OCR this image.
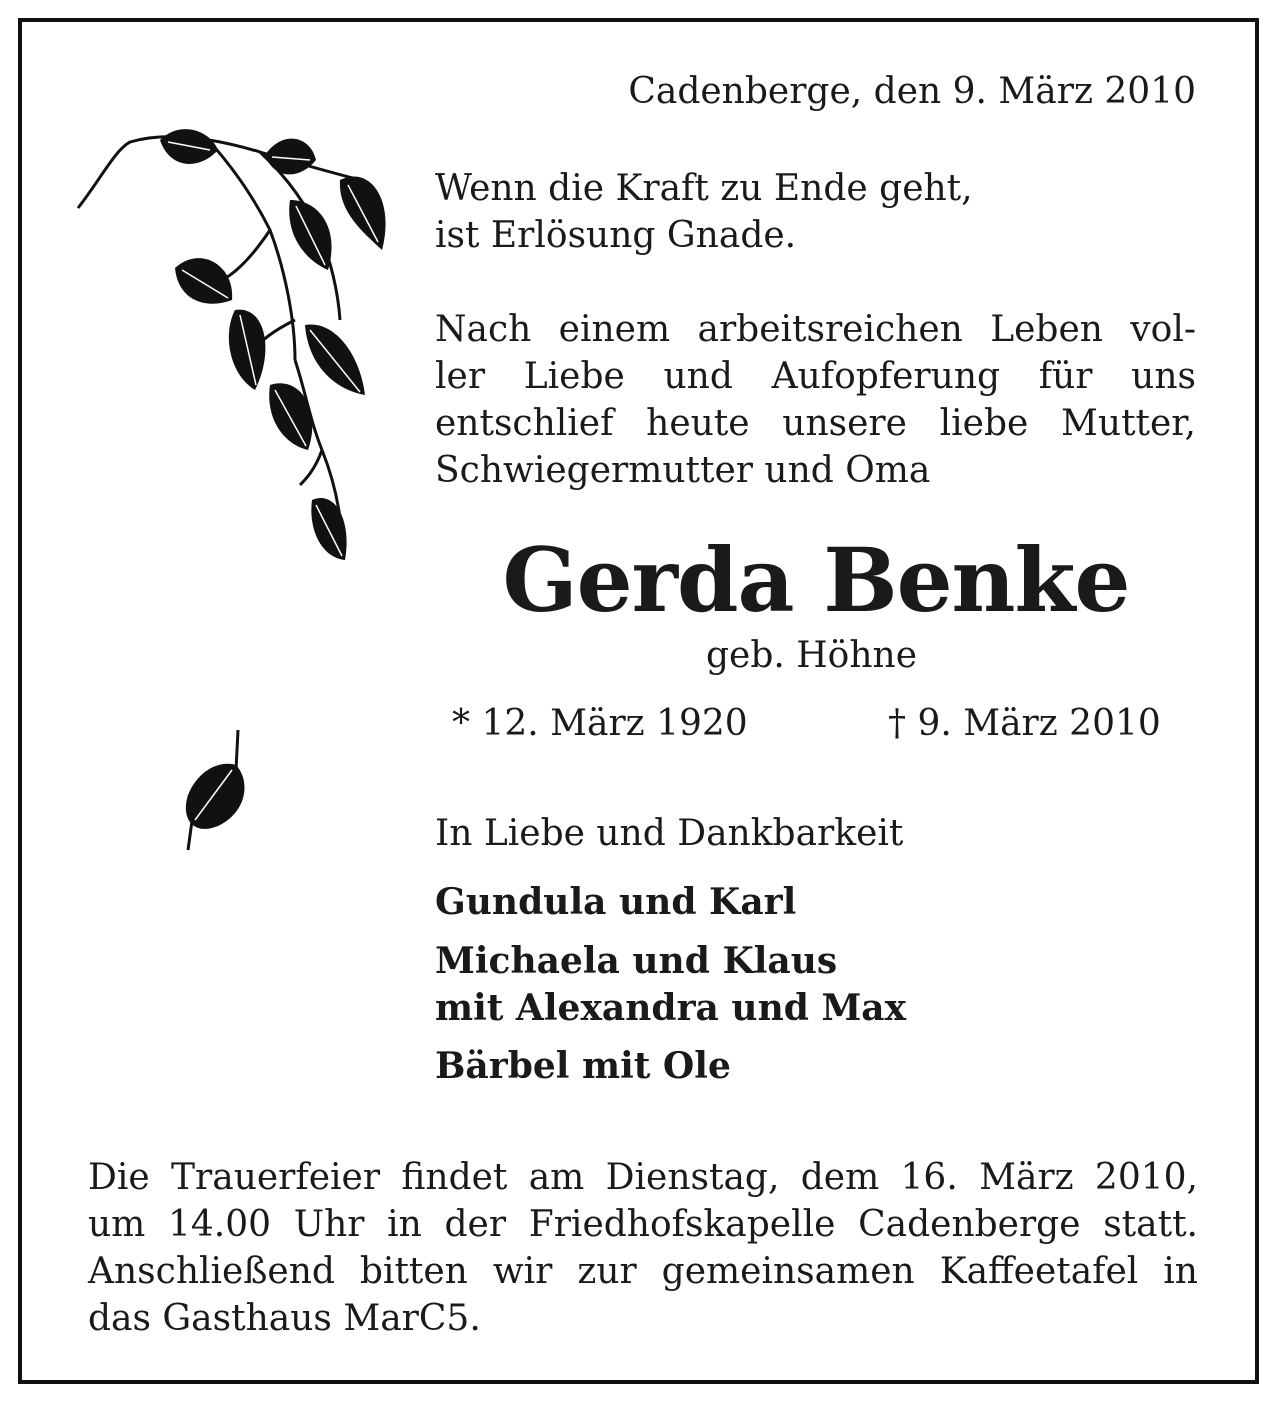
Cadenberge, den 9. März 2010
Wenn die Kraft zu Ende geht,
ist Erlösung Gnade.
Nach einem arbeitsreichen Leben vol-
ler Liebe und Aufopferung für uns
entschlief heute unsere liebe Mutter,
Schwiegermutter und Oma
Gerda Benke
geb. Höhne
* 12. März 1920	† 9. März 2010
In Liebe und Dankbarkeit
Gundula und Karl
Michaela und Klaus
mit Alexandra und Max
Bärbel mit Ole
Die Trauerfeier findet am Dienstag, dem 16. März 2010,
um 14.00 Uhr in der Friedhofskapelle Cadenberge statt.
Anschließend bitten wir zur gemeinsamen Kaffeetafel in
das Gasthaus MarC5.
